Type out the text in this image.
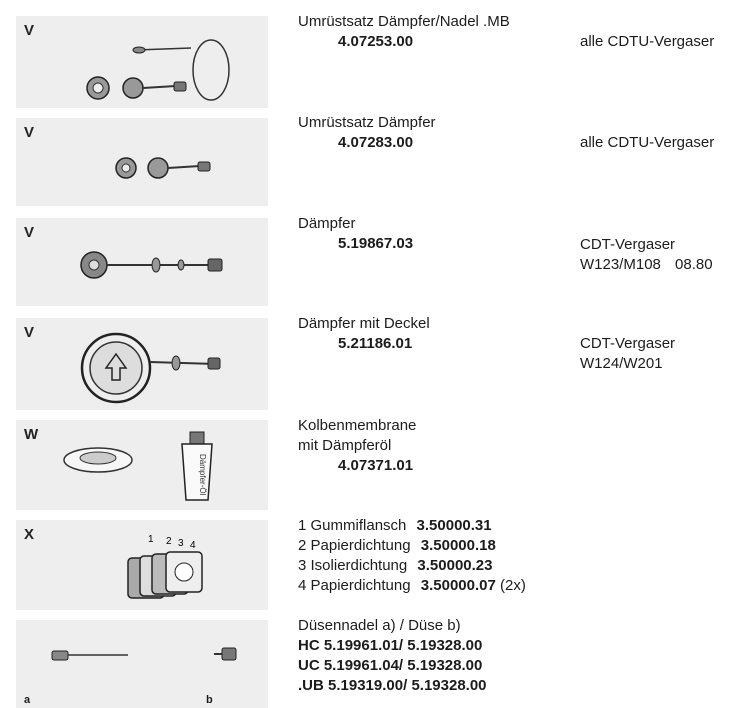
V
Umrüstsatz Dämpfer/Nadel .MB
4.07253.00	alle CDTU-Vergaser
V
Umrüstsatz Dämpfer
4.07283.00	alle CDTU-Vergaser
V
Dämpfer
5.19867.03	CDT-Vergaser
W123/M108 08.80
V
Dämpfer mit Deckel
5.21186.01	CDT-Vergaser
W124/W201
W
Dämpfer-Öl
Kolbenmembrane
mit Dämpferöl
4.07371.01
X	1 2 3 4
1 Gummiflansch 3.50000.31
2 Papierdichtung 3.50000.18
3 Isolierdichtung 3.50000.23
4 Papierdichtung 3.50000.07 (2x)
a	b
Düsennadel a) / Düse b)
HC 5.19961.01/ 5.19328.00
UC 5.19961.04/ 5.19328.00
.UB 5.19319.00/ 5.19328.00
